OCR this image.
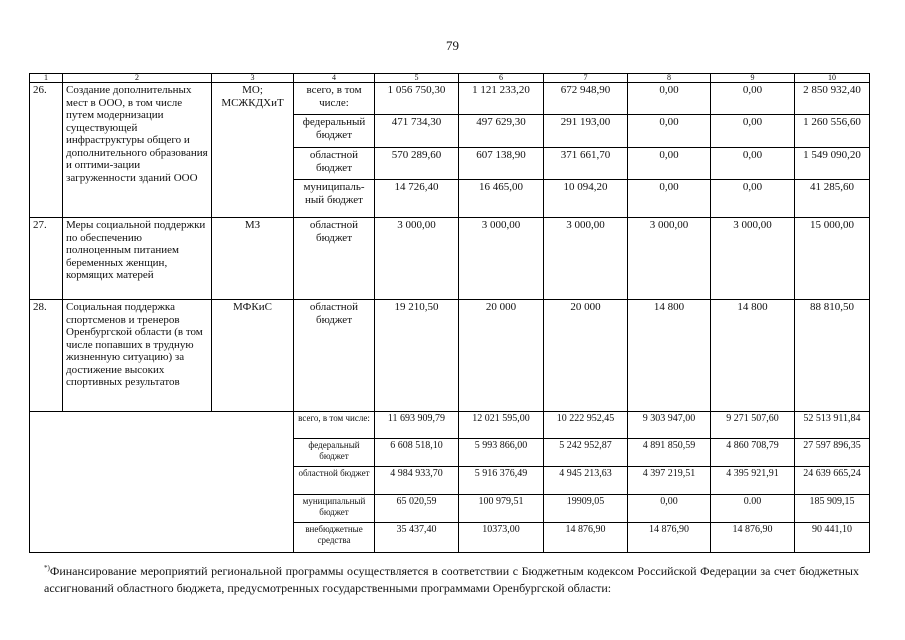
79
1	2	3	4	5	6	7	8	9	10
26.	Создание дополнительных мест в ООО, в том числе путем модернизации существующей инфраструктуры общего и дополнительного образования и оптими-зации загруженности зданий ООО	МО; МСЖКДХиТ	всего, в том числе:	1 056 750,30	1 121 233,20	672 948,90	0,00	0,00	2 850 932,40
			федеральный бюджет	471 734,30	497 629,30	291 193,00	0,00	0,00	1 260 556,60
			областной бюджет	570 289,60	607 138,90	371 661,70	0,00	0,00	1 549 090,20
			муниципаль-ный бюджет	14 726,40	16 465,00	10 094,20	0,00	0,00	41 285,60
27.	Меры социальной поддержки по обеспечению полноценным питанием беременных женщин, кормящих матерей	МЗ	областной бюджет	3 000,00	3 000,00	3 000,00	3 000,00	3 000,00	15 000,00
28.	Социальная поддержка спортсменов и тренеров Оренбургской области (в том числе попавших в трудную жизненную ситуацию) за достижение высоких спортивных результатов	МФКиС	областной бюджет	19 210,50	20 000	20 000	14 800	14 800	88 810,50
			всего, в том числе:	11 693 909,79	12 021 595,00	10 222 952,45	9 303 947,00	9 271 507,60	52 513 911,84
			федеральный бюджет	6 608 518,10	5 993 866,00	5 242 952,87	4 891 850,59	4 860 708,79	27 597 896,35
			областной бюджет	4 984 933,70	5 916 376,49	4 945 213,63	4 397 219,51	4 395 921,91	24 639 665,24
			муниципальный бюджет	65 020,59	100 979,51	19909,05	0,00	0.00	185 909,15
			внебюджетные средства	35 437,40	10373,00	14 876,90	14 876,90	14 876,90	90 441,10
*)Финансирование мероприятий региональной программы осуществляется в соответствии с Бюджетным кодексом Российской Федерации за счет бюджетных ассигнований областного бюджета, предусмотренных государственными программами Оренбургской области:
